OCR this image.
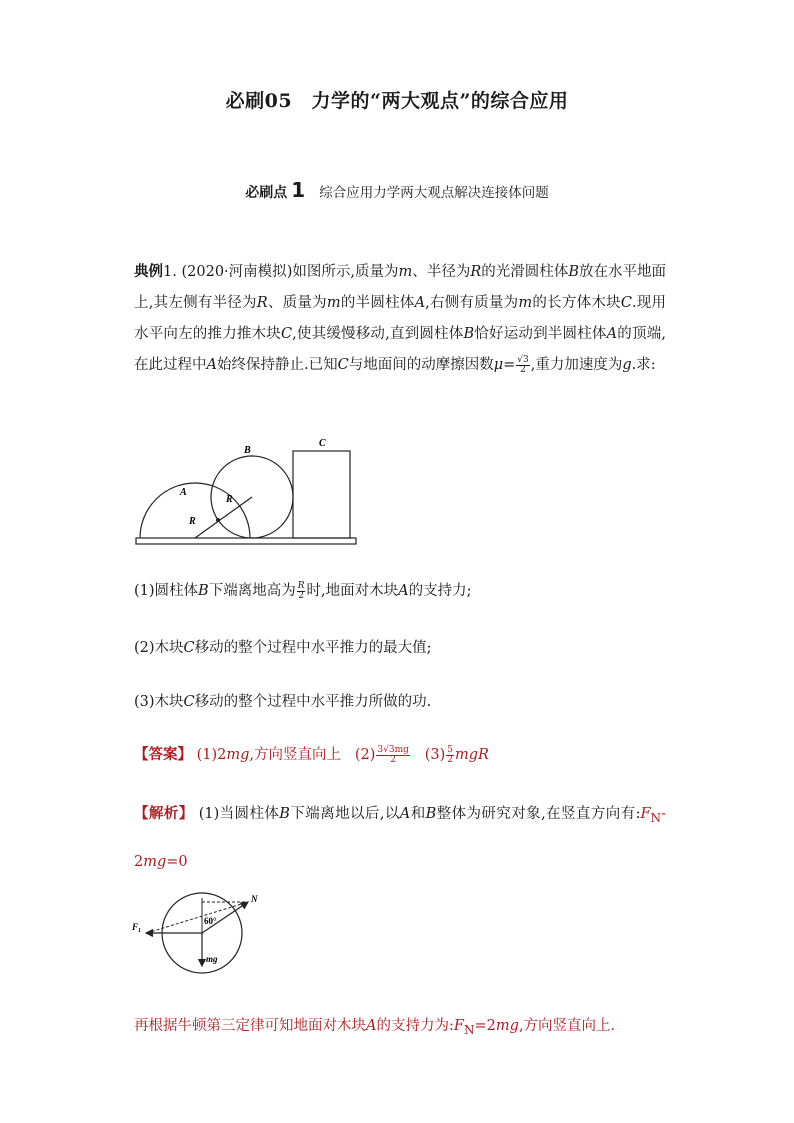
必刷05　力学的“两大观点”的综合应用
必刷点 1 综合应用力学两大观点解决连接体问题
典例1. (2020·河南模拟)如图所示,质量为m、半径为R的光滑圆柱体B放在水平地面上,其左侧有半径为R、质量为m的半圆柱体A,右侧有质量为m的长方体木块C.现用水平向左的推力推木块C,使其缓慢移动,直到圆柱体B恰好运动到半圆柱体A的顶端,在此过程中A始终保持静止.已知C与地面间的动摩擦因数$\mu= \frac{√3}{2}$ ,重力加速度为g.求:
A
B
C
R
R
(1)圆柱体B下端离地高为 $\frac{R}{2}$ 时,地面对木块A的支持力;
(2)木块C移动的整个过程中水平推力的最大值;
(3)木块C移动的整个过程中水平推力所做的功.
【答案】 (1)2mg,方向竖直向上 $(2) \frac{3√3mg}{2} (3) \frac{5}{2}$ mgR
【解析】 (1)当圆柱体B下端离地以后,以A和B整体为研究对象,在竖直方向有$:F_N-2mg=0$
$F_1$
N
60°
mg
再根据牛顿第三定律可知地面对木块A的支持力为$:F_N=2mg$,方向竖直向上.
